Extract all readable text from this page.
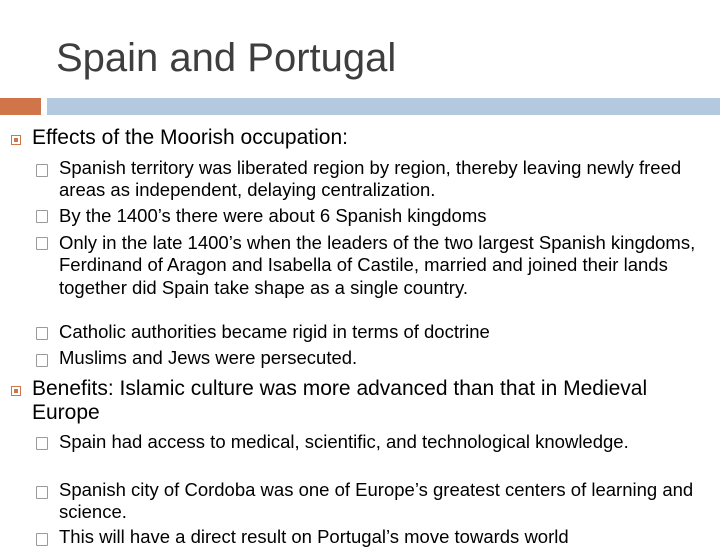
Spain and Portugal
Effects of the Moorish occupation:
Spanish territory was liberated region by region, thereby leaving newly freed areas as independent, delaying centralization.
By the 1400’s there were about 6 Spanish kingdoms
Only in the late 1400’s when the leaders of the two largest Spanish kingdoms, Ferdinand of Aragon and Isabella of Castile, married and joined their lands together did Spain take shape as a single country.
Catholic authorities became rigid in terms of doctrine
Muslims and Jews were persecuted.
Benefits: Islamic culture was more advanced than that in Medieval Europe
Spain had access to medical, scientific, and technological knowledge.
Spanish city of Cordoba was one of Europe’s greatest centers of learning and science.
This will have a direct result on Portugal’s move towards world
